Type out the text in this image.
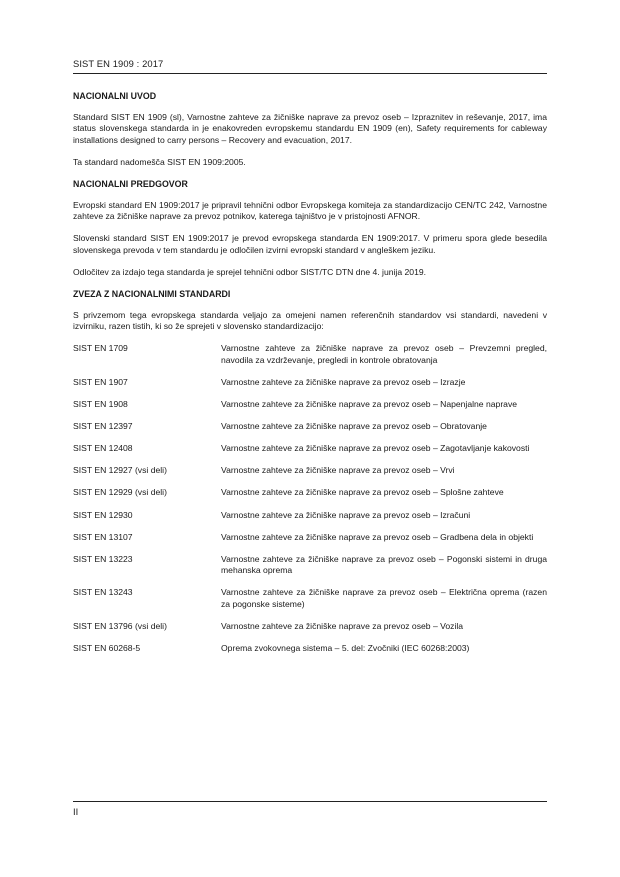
SIST EN 1909 : 2017
NACIONALNI UVOD

Standard SIST EN 1909 (sl), Varnostne zahteve za žičniške naprave za prevoz oseb – Izpraznitev in reševanje, 2017, ima status slovenskega standarda in je enakovreden evropskemu standardu EN 1909 (en), Safety requirements for cableway installations designed to carry persons – Recovery and evacuation, 2017.

Ta standard nadomešča SIST EN 1909:2005.

NACIONALNI PREDGOVOR

Evropski standard EN 1909:2017 je pripravil tehnični odbor Evropskega komiteja za standardizacijo CEN/TC 242, Varnostne zahteve za žičniške naprave za prevoz potnikov, katerega tajništvo je v pristojnosti AFNOR.

Slovenski standard SIST EN 1909:2017 je prevod evropskega standarda EN 1909:2017. V primeru spora glede besedila slovenskega prevoda v tem standardu je odločilen izvirni evropski standard v angleškem jeziku.

Odločitev za izdajo tega standarda je sprejel tehnični odbor SIST/TC DTN dne 4. junija 2019.

ZVEZA Z NACIONALNIMI STANDARDI

S privzemom tega evropskega standarda veljajo za omejeni namen referenčnih standardov vsi standardi, navedeni v izvirniku, razen tistih, ki so že sprejeti v slovensko standardizacijo:

SIST EN 1709	Varnostne zahteve za žičniške naprave za prevoz oseb – Prevzemni pregled, navodila za vzdrževanje, pregledi in kontrole obratovanja
SIST EN 1907	Varnostne zahteve za žičniške naprave za prevoz oseb – Izrazje
SIST EN 1908	Varnostne zahteve za žičniške naprave za prevoz oseb – Napenjalne naprave
SIST EN 12397	Varnostne zahteve za žičniške naprave za prevoz oseb – Obratovanje
SIST EN 12408	Varnostne zahteve za žičniške naprave za prevoz oseb – Zagotavljanje kakovosti
SIST EN 12927 (vsi deli)	Varnostne zahteve za žičniške naprave za prevoz oseb – Vrvi
SIST EN 12929 (vsi deli)	Varnostne zahteve za žičniške naprave za prevoz oseb – Splošne zahteve
SIST EN 12930	Varnostne zahteve za žičniške naprave za prevoz oseb – Izračuni
SIST EN 13107	Varnostne zahteve za žičniške naprave za prevoz oseb – Gradbena dela in objekti
SIST EN 13223	Varnostne zahteve za žičniške naprave za prevoz oseb – Pogonski sistemi in druga mehanska oprema
SIST EN 13243	Varnostne zahteve za žičniške naprave za prevoz oseb – Električna oprema (razen za pogonske sisteme)
SIST EN 13796 (vsi deli)	Varnostne zahteve za žičniške naprave za prevoz oseb – Vozila
SIST EN 60268-5	Oprema zvokovnega sistema – 5. del: Zvočniki (IEC 60268:2003)
II
